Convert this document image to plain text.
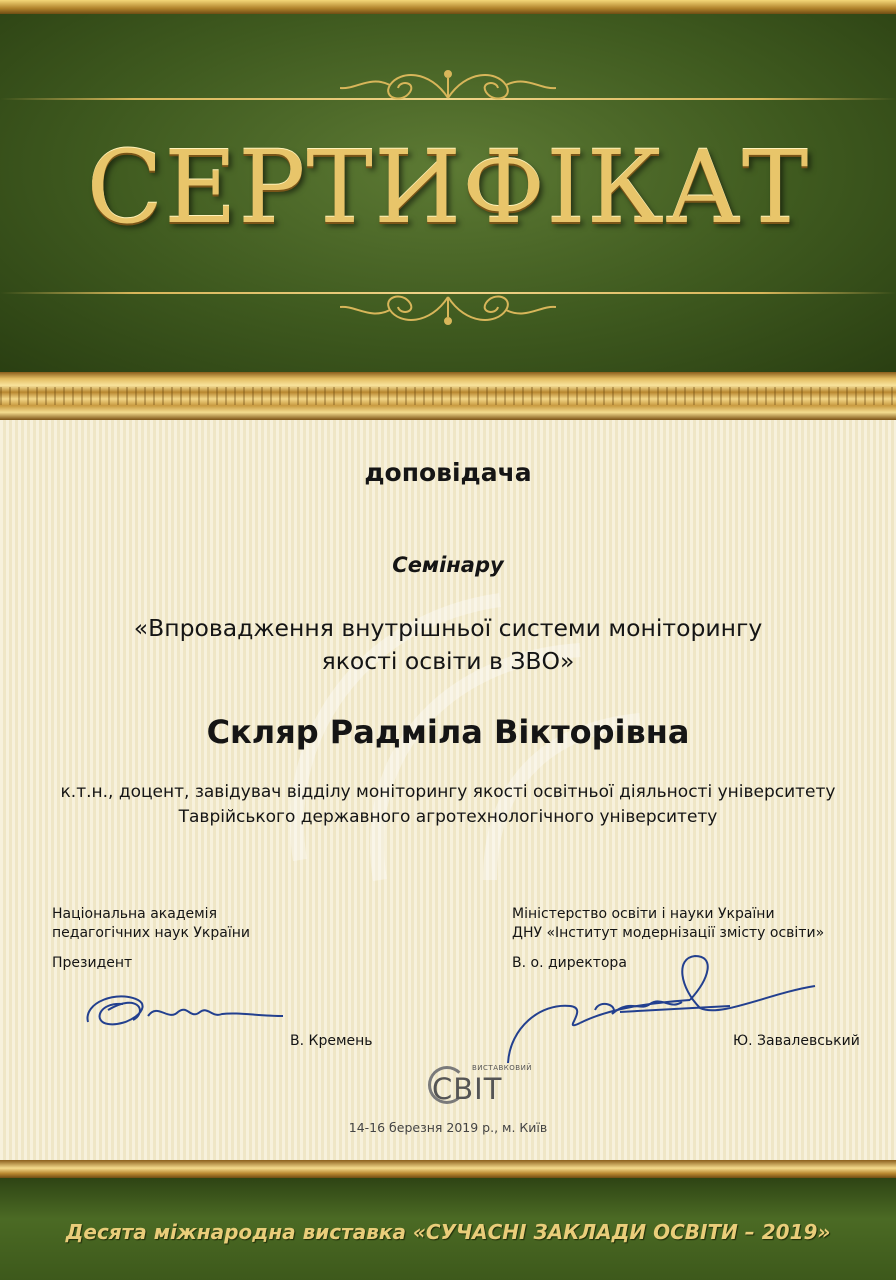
СЕРТИФІКАТ
доповідача
Семінару
«Впровадження внутрішньої системи моніторингу
якості освіти в ЗВО»
Скляр Радміла Вікторівна
к.т.н., доцент, завідувач відділу моніторингу якості освітньої діяльності університету
Таврійського державного агротехнологічного університету
Національна академія
педагогічних наук України
Президент
В. Кремень
Міністерство освіти і науки України
ДНУ «Інститут модернізації змісту освіти»
В. о. директора
Ю. Завалевський
ВИСТАВКОВИЙ
СВІТ
14-16 березня 2019 р., м. Київ
Десята міжнародна виставка «СУЧАСНІ ЗАКЛАДИ ОСВІТИ – 2019»
